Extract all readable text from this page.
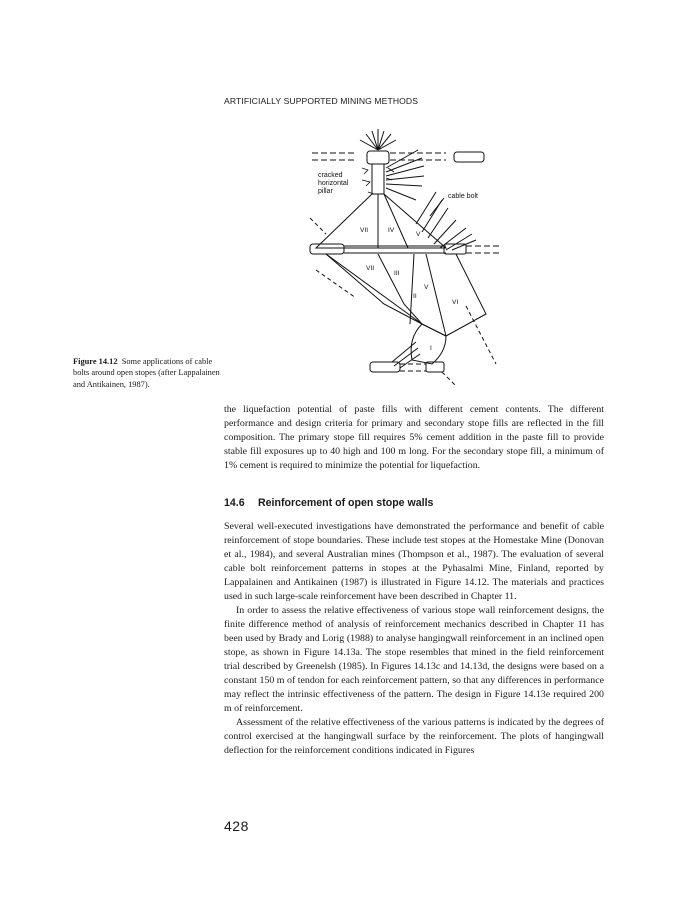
ARTIFICIALLY SUPPORTED MINING METHODS
cracked
horizontal
pillar
cable bolt
VII	IV
V
VII
III
V
II
VI
I
Figure 14.12 Some applications of cable bolts around open stopes (after Lappalainen and Antikainen, 1987).

the liquefaction potential of paste fills with different cement contents. The different performance and design criteria for primary and secondary stope fills are reflected in the fill composition. The primary stope fill requires 5% cement addition in the paste fill to provide stable fill exposures up to 40 high and 100 m long. For the secondary stope fill, a minimum of 1% cement is required to minimize the potential for liquefaction.

14.6 Reinforcement of open stope walls

Several well-executed investigations have demonstrated the performance and benefit of cable reinforcement of stope boundaries. These include test stopes at the Homestake Mine (Donovan et al., 1984), and several Australian mines (Thompson et al., 1987). The evaluation of several cable bolt reinforcement patterns in stopes at the Pyhasalmi Mine, Finland, reported by Lappalainen and Antikainen (1987) is illustrated in Figure 14.12. The materials and practices used in such large-scale reinforcement have been described in Chapter 11.

In order to assess the relative effectiveness of various stope wall reinforcement designs, the finite difference method of analysis of reinforcement mechanics described in Chapter 11 has been used by Brady and Lorig (1988) to analyse hangingwall reinforcement in an inclined open stope, as shown in Figure 14.13a. The stope resembles that mined in the field reinforcement trial described by Greenelsh (1985). In Figures 14.13c and 14.13d, the designs were based on a constant 150 m of tendon for each reinforcement pattern, so that any differences in performance may reflect the intrinsic effectiveness of the pattern. The design in Figure 14.13e required 200 m of reinforcement.

Assessment of the relative effectiveness of the various patterns is indicated by the degrees of control exercised at the hangingwall surface by the reinforcement. The plots of hangingwall deflection for the reinforcement conditions indicated in Figures

428
